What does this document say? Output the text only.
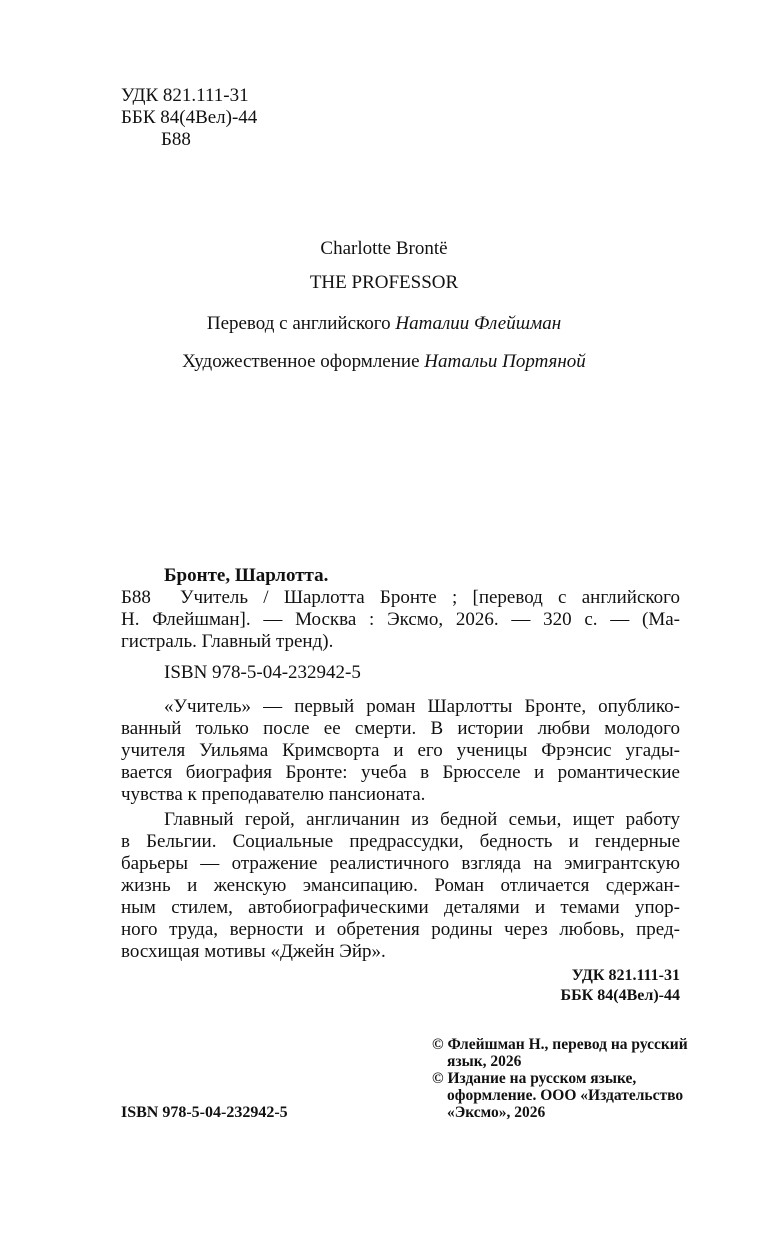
УДК 821.111-31
ББК 84(4Вел)-44
Б88
Charlotte Brontë
THE PROFESSOR
Перевод с английского Наталии Флейшман
Художественное оформление Натальи Портяной
Бронте, Шарлотта.
Б88 Учитель / Шарлотта Бронте ; [перевод с английского
Н. Флейшман]. — Москва : Эксмо, 2026. — 320 с. — (Ма-
гистраль. Главный тренд).
ISBN 978-5-04-232942-5
«Учитель» — первый роман Шарлотты Бронте, опублико-
ванный только после ее смерти. В истории любви молодого
учителя Уильяма Кримсворта и его ученицы Фрэнсис угады-
вается биография Бронте: учеба в Брюсселе и романтические
чувства к преподавателю пансионата.
Главный герой, англичанин из бедной семьи, ищет работу
в Бельгии. Социальные предрассудки, бедность и гендерные
барьеры — отражение реалистичного взгляда на эмигрантскую
жизнь и женскую эмансипацию. Роман отличается сдержан-
ным стилем, автобиографическими деталями и темами упор-
ного труда, верности и обретения родины через любовь, пред-
восхищая мотивы «Джейн Эйр».
УДК 821.111-31
ББК 84(4Вел)-44
ISBN 978-5-04-232942-5
© Флейшман Н., перевод на русский
язык, 2026
© Издание на русском языке,
оформление. ООО «Издательство
«Эксмо», 2026
